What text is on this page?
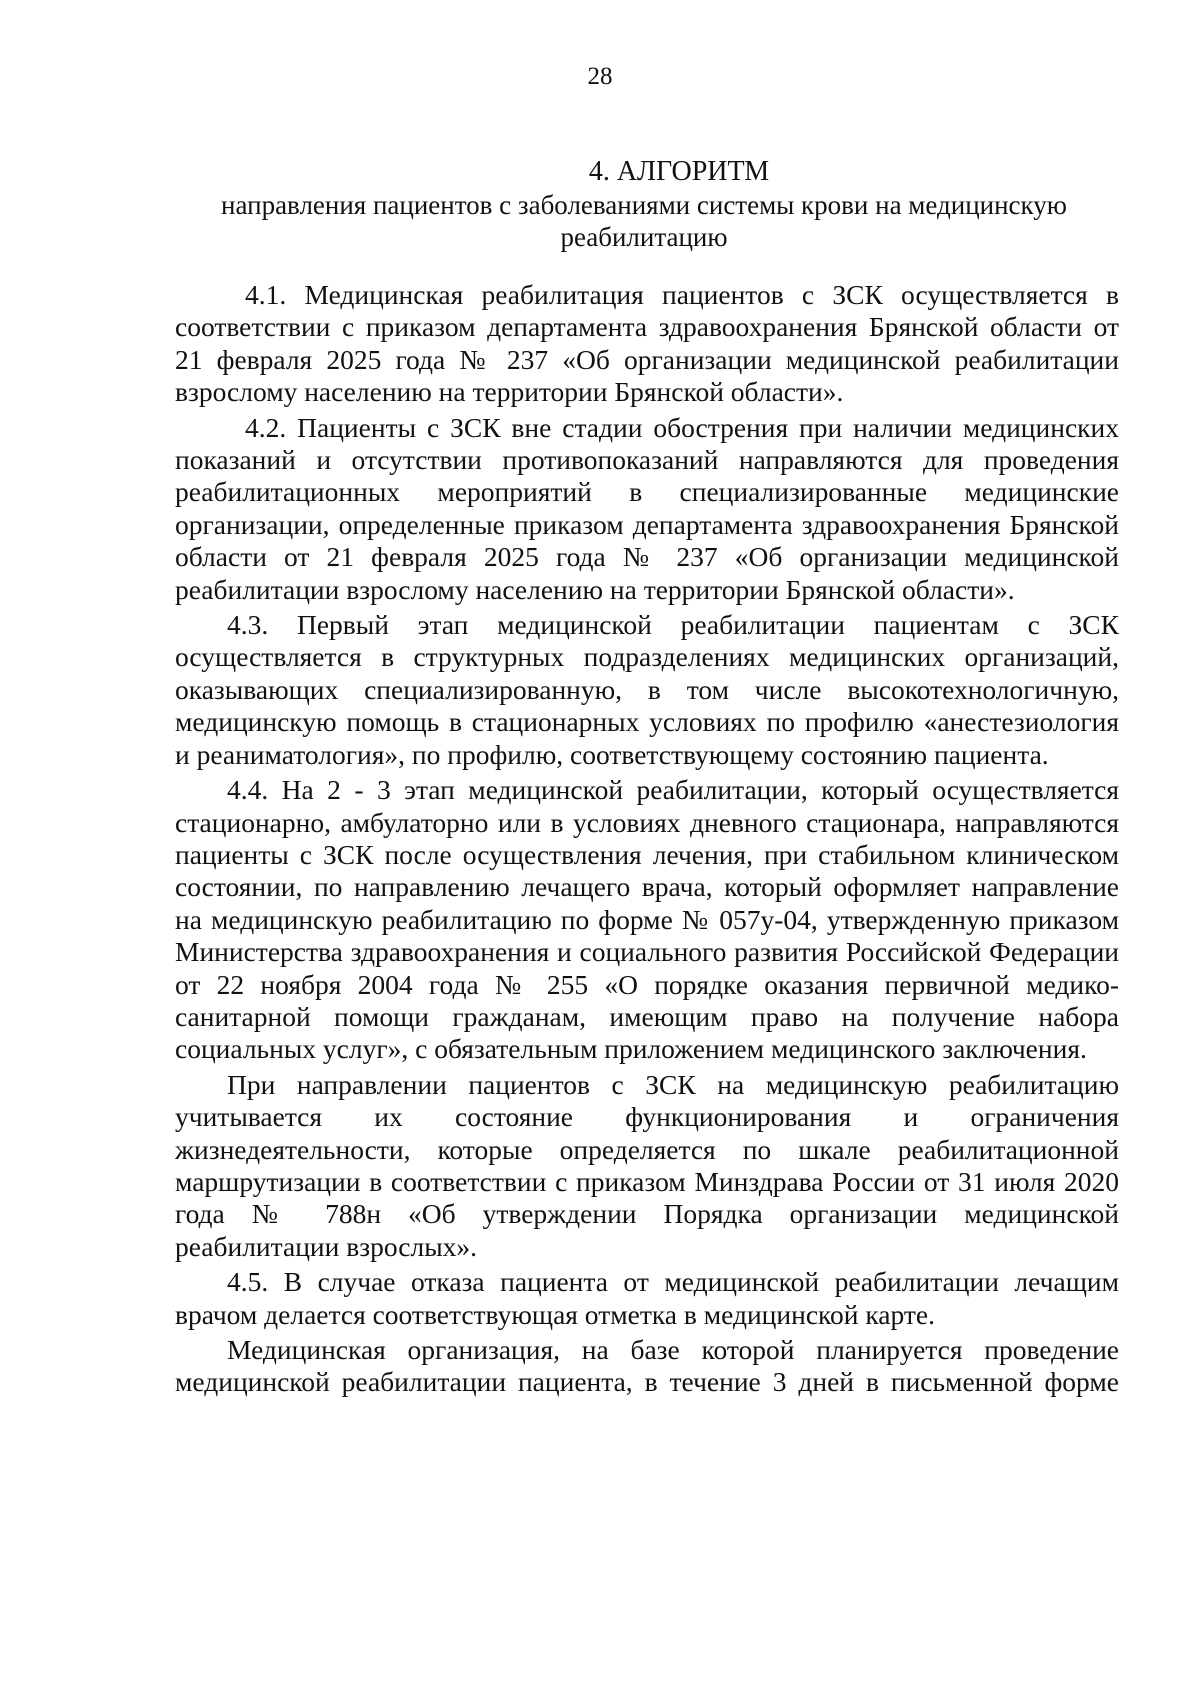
28
4. АЛГОРИТМ
направления пациентов с заболеваниями системы крови на медицинскую реабилитацию

4.1. Медицинская реабилитация пациентов с ЗСК осуществляется в соответствии с приказом департамента здравоохранения Брянской области от 21 февраля 2025 года № 237 «Об организации медицинской реабилитации взрослому населению на территории Брянской области».

4.2. Пациенты с ЗСК вне стадии обострения при наличии медицинских показаний и отсутствии противопоказаний направляются для проведения реабилитационных мероприятий в специализированные медицинские организации, определенные приказом департамента здравоохранения Брянской области от 21 февраля 2025 года № 237 «Об организации медицинской реабилитации взрослому населению на территории Брянской области».

4.3. Первый этап медицинской реабилитации пациентам с ЗСК осуществляется в структурных подразделениях медицинских организаций, оказывающих специализированную, в том числе высокотехнологичную, медицинскую помощь в стационарных условиях по профилю «анестезиология и реаниматология», по профилю, соответствующему состоянию пациента.

4.4. На 2 - 3 этап медицинской реабилитации, который осуществляется стационарно, амбулаторно или в условиях дневного стационара, направляются пациенты с ЗСК после осуществления лечения, при стабильном клиническом состоянии, по направлению лечащего врача, который оформляет направление на медицинскую реабилитацию по форме № 057у-04, утвержденную приказом Министерства здравоохранения и социального развития Российской Федерации от 22 ноября 2004 года № 255 «О порядке оказания первичной медико-санитарной помощи гражданам, имеющим право на получение набора социальных услуг», с обязательным приложением медицинского заключения.

При направлении пациентов с ЗСК на медицинскую реабилитацию учитывается их состояние функционирования и ограничения жизнедеятельности, которые определяется по шкале реабилитационной маршрутизации в соответствии с приказом Минздрава России от 31 июля 2020 года № 788н «Об утверждении Порядка организации медицинской реабилитации взрослых».

4.5. В случае отказа пациента от медицинской реабилитации лечащим врачом делается соответствующая отметка в медицинской карте.

Медицинская организация, на базе которой планируется проведение медицинской реабилитации пациента, в течение 3 дней в письменной форме
